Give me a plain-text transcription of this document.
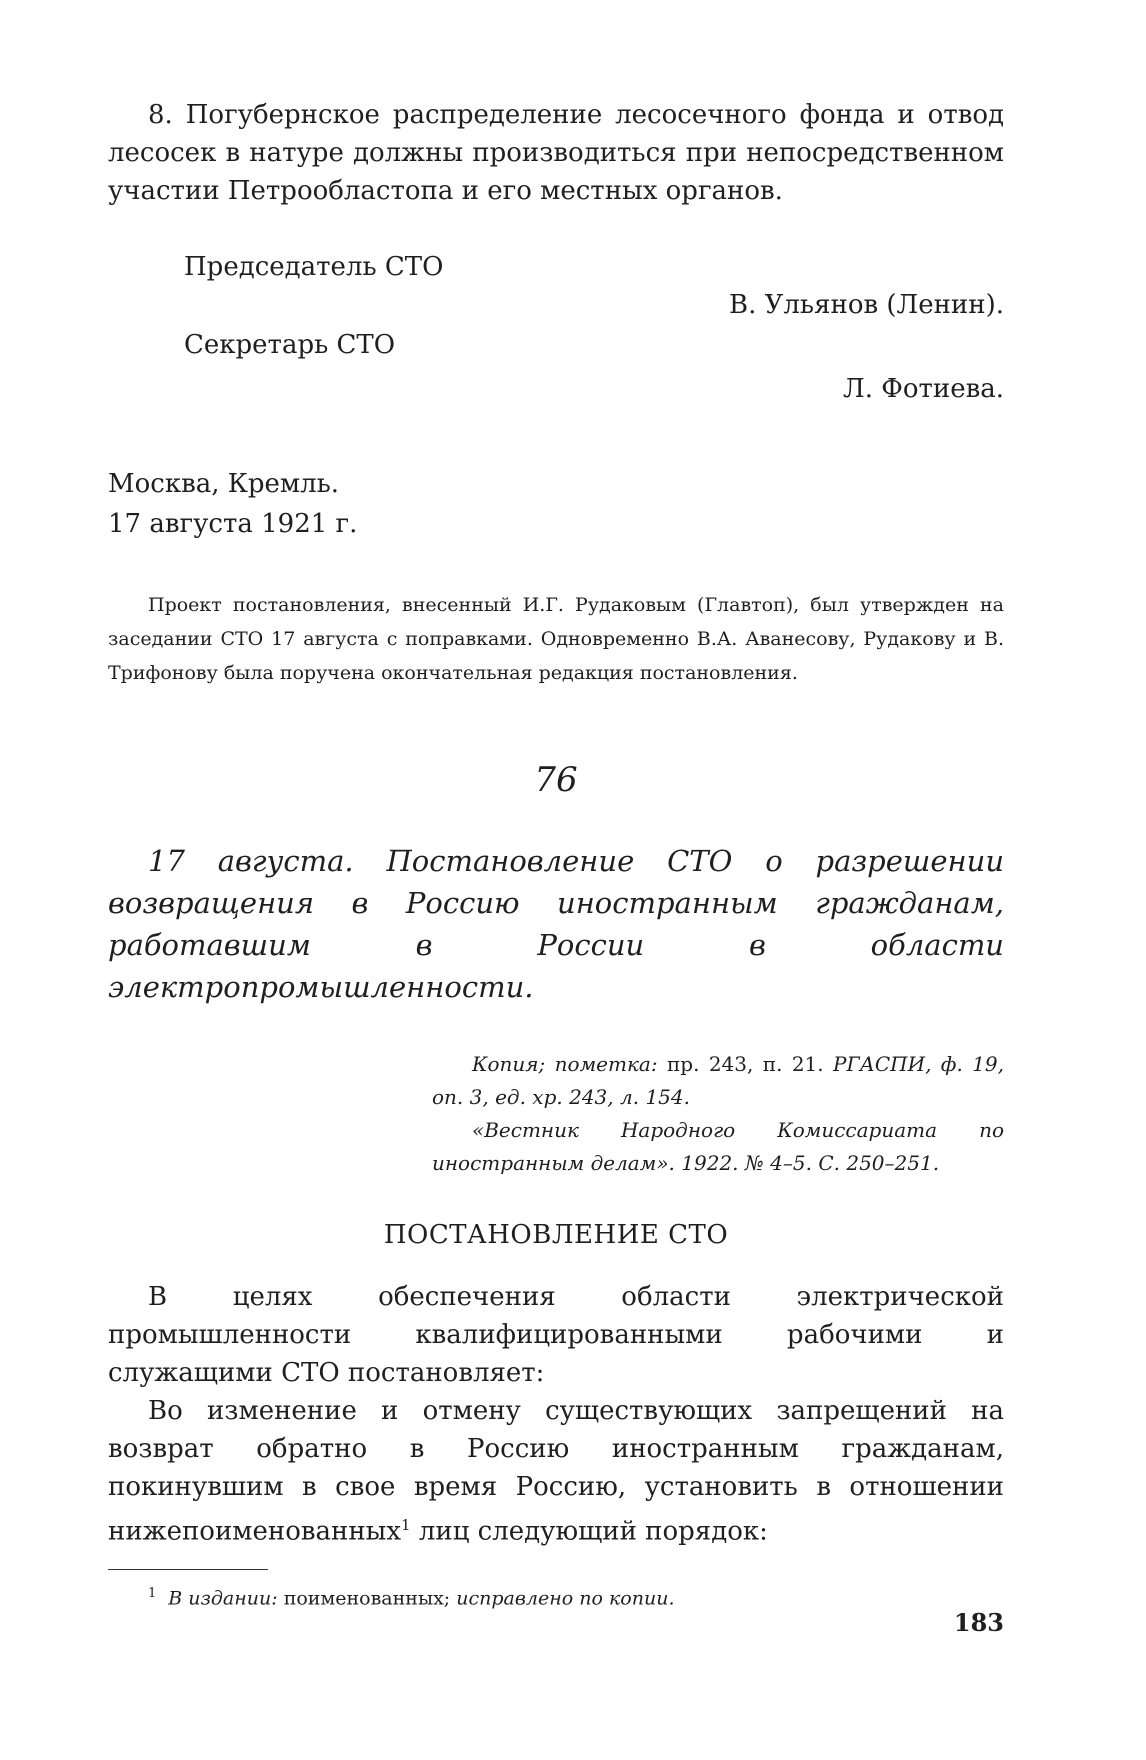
8. Погубернское распределение лесосечного фонда и отвод лесосек в натуре должны производиться при непосредственном участии Петрообластопа и его местных органов.

Председатель СТО
В. Ульянов (Ленин).
Секретарь СТО
Л. Фотиева.

Москва, Кремль.

17 августа 1921 г.

Проект постановления, внесенный И.Г. Рудаковым (Главтоп), был утвержден на заседании СТО 17 августа с поправками. Одновременно В.А. Аванесову, Рудакову и В. Трифонову была поручена окончательная редакция постановления.

76

17 августа. Постановление СТО о разрешении возвращения в Россию иностранным гражданам, работавшим в России в области электропромышленности.

Копия; пометка: пр. 243, п. 21. РГАСПИ, ф. 19, оп. 3, ед. хр. 243, л. 154.

«Вестник Народного Комиссариата по иностранным делам». 1922. № 4–5. С. 250–251.

ПОСТАНОВЛЕНИЕ СТО

В целях обеспечения области электрической промышленности квалифицированными рабочими и служащими СТО постановляет:

Во изменение и отмену существующих запрещений на возврат обратно в Россию иностранным гражданам, покинувшим в свое время Россию, установить в отношении нижепоименованных$^1$ лиц следующий порядок:

$^1$ В издании: поименованных; исправлено по копии.

183
